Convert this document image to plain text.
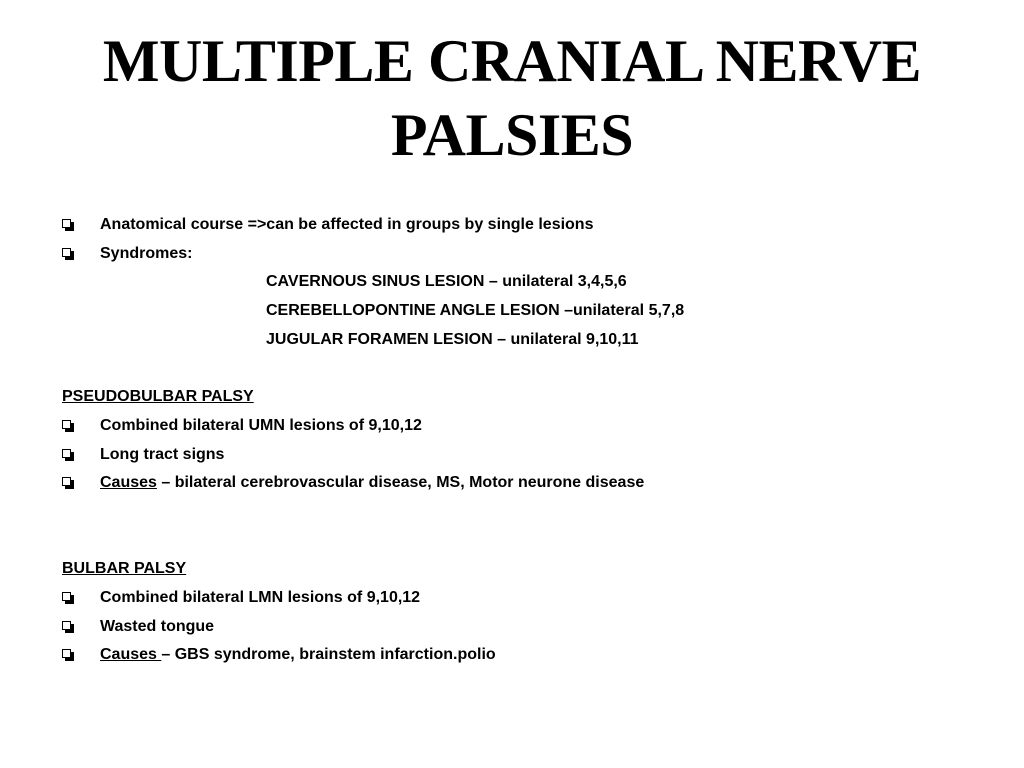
MULTIPLE CRANIAL NERVE
PALSIES
Anatomical course =>can be affected in groups by single lesions
Syndromes:
CAVERNOUS SINUS LESION – unilateral 3,4,5,6
CEREBELLOPONTINE ANGLE LESION –unilateral 5,7,8
JUGULAR FORAMEN LESION – unilateral 9,10,11
PSEUDOBULBAR PALSY
Combined bilateral UMN lesions of 9,10,12
Long tract signs
Causes – bilateral cerebrovascular disease, MS, Motor neurone disease
BULBAR PALSY
Combined bilateral LMN lesions of 9,10,12
Wasted tongue
Causes – GBS syndrome, brainstem infarction.polio
